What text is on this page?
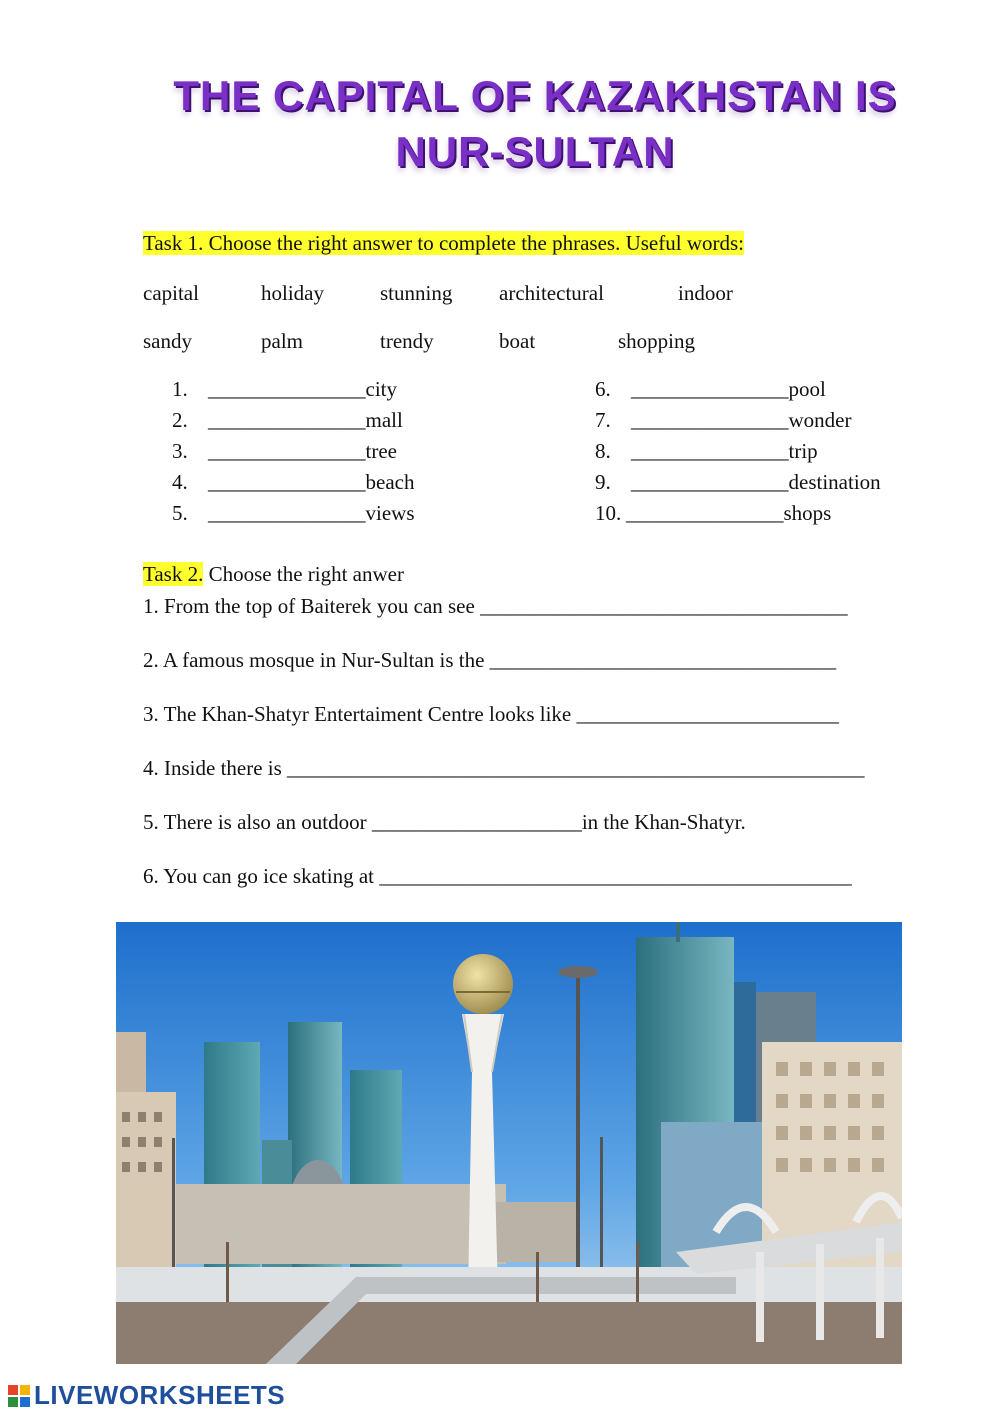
THE CAPITAL OF KAZAKHSTAN IS
NUR-SULTAN
Task 1. Choose the right answer to complete the phrases. Useful words:
capital	holiday	stunning architectural	indoor
sandy	palm	trendy	boat	shopping
1. _______________city
2. _______________mall
3. _______________tree
4. _______________beach
5. _______________views
6. _______________pool
7. _______________wonder
8. _______________trip
9. _______________destination
10. _______________shops
Task 2. Choose the right anwer
1. From the top of Baiterek you can see ___________________________________
2. A famous mosque in Nur-Sultan is the _________________________________
3. The Khan-Shatyr Entertaiment Centre looks like _________________________
4. Inside there is _______________________________________________________
5. There is also an outdoor ____________________in the Khan-Shatyr.
6. You can go ice skating at _____________________________________________
LIVEWORKSHEETS
